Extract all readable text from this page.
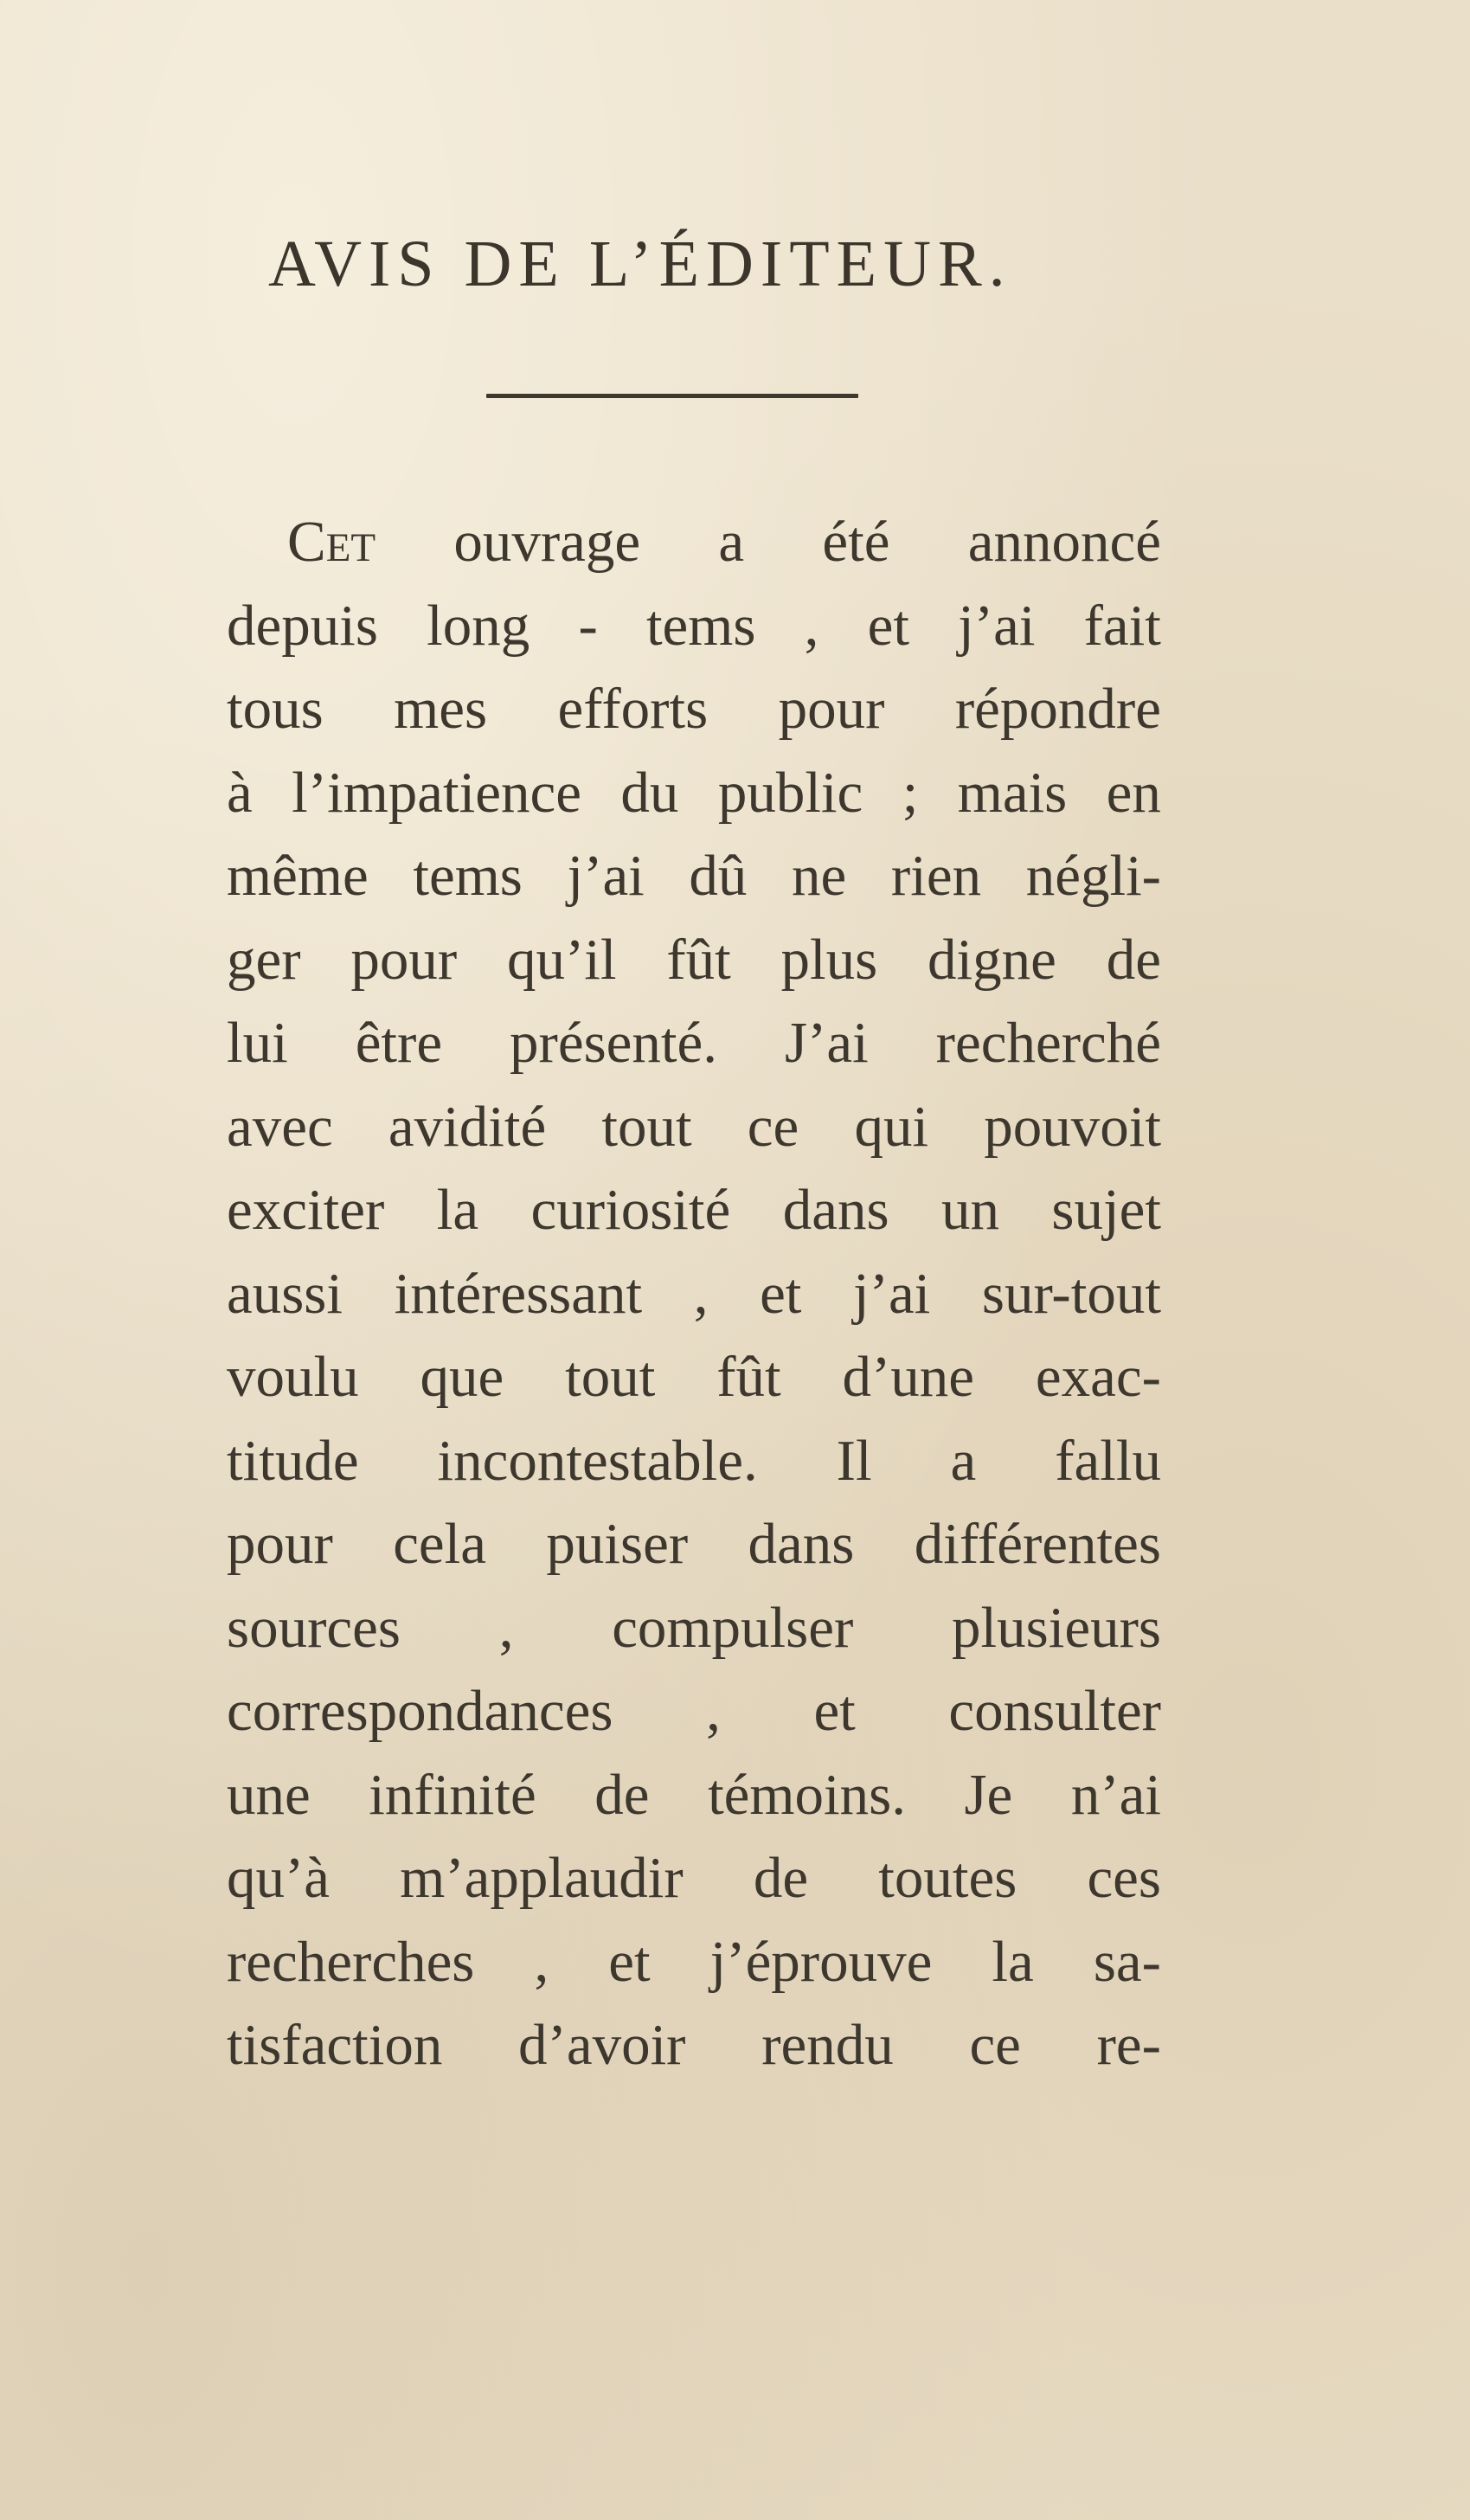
AVIS DE L’ÉDITEUR.
Cet ouvrage a été annoncé
depuis long - tems , et j’ai fait
tous mes efforts pour répondre
à l’impatience du public ; mais en
même tems j’ai dû ne rien négli-
ger pour qu’il fût plus digne de
lui être présenté. J’ai recherché
avec avidité tout ce qui pouvoit
exciter la curiosité dans un sujet
aussi intéressant , et j’ai sur-tout
voulu que tout fût d’une exac-
titude incontestable. Il a fallu
pour cela puiser dans différentes
sources , compulser plusieurs
correspondances , et consulter
une infinité de témoins. Je n’ai
qu’à m’applaudir de toutes ces
recherches , et j’éprouve la sa-
tisfaction d’avoir rendu ce re-
